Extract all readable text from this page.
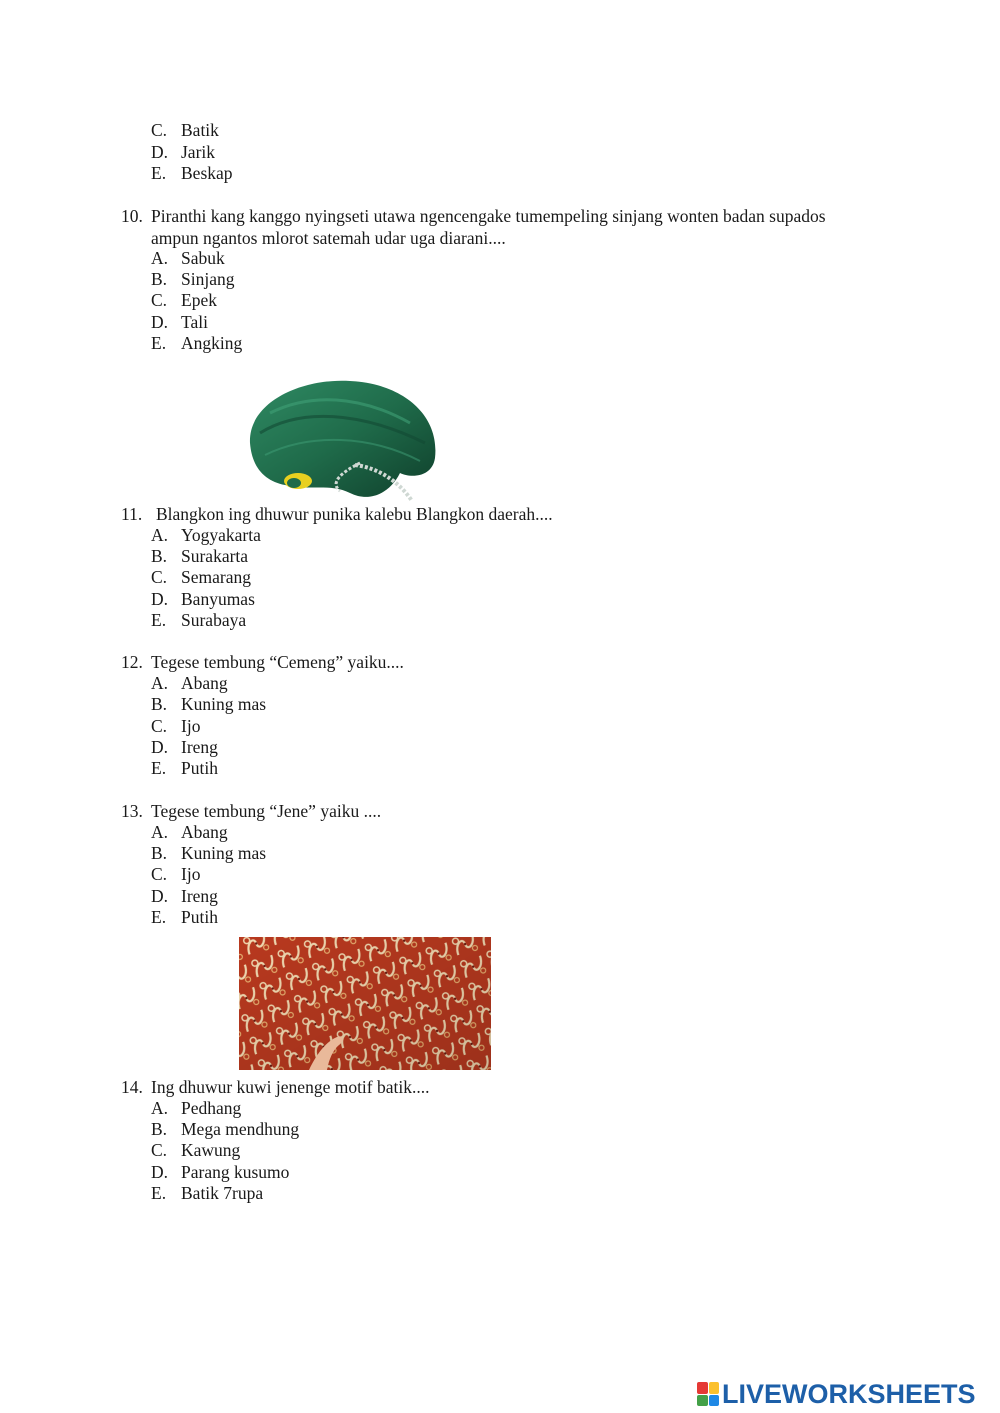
C. Batik
D. Jarik
E. Beskap
10. Piranthi kang kanggo nyingseti utawa ngencengake tumempeling sinjang wonten badan supados
ampun ngantos mlorot satemah udar uga diarani....
A. Sabuk
B. Sinjang
C. Epek
D. Tali
E. Angking
11. Blangkon ing dhuwur punika kalebu Blangkon daerah....
A. Yogyakarta
B. Surakarta
C. Semarang
D. Banyumas
E. Surabaya
12. Tegese tembung “Cemeng” yaiku....
A. Abang
B. Kuning mas
C. Ijo
D. Ireng
E. Putih
13. Tegese tembung “Jene” yaiku ....
A. Abang
B. Kuning mas
C. Ijo
D. Ireng
E. Putih
14. Ing dhuwur kuwi jenenge motif batik....
A. Pedhang
B. Mega mendhung
C. Kawung
D. Parang kusumo
E. Batik 7rupa
LIVEWORKSHEETS
